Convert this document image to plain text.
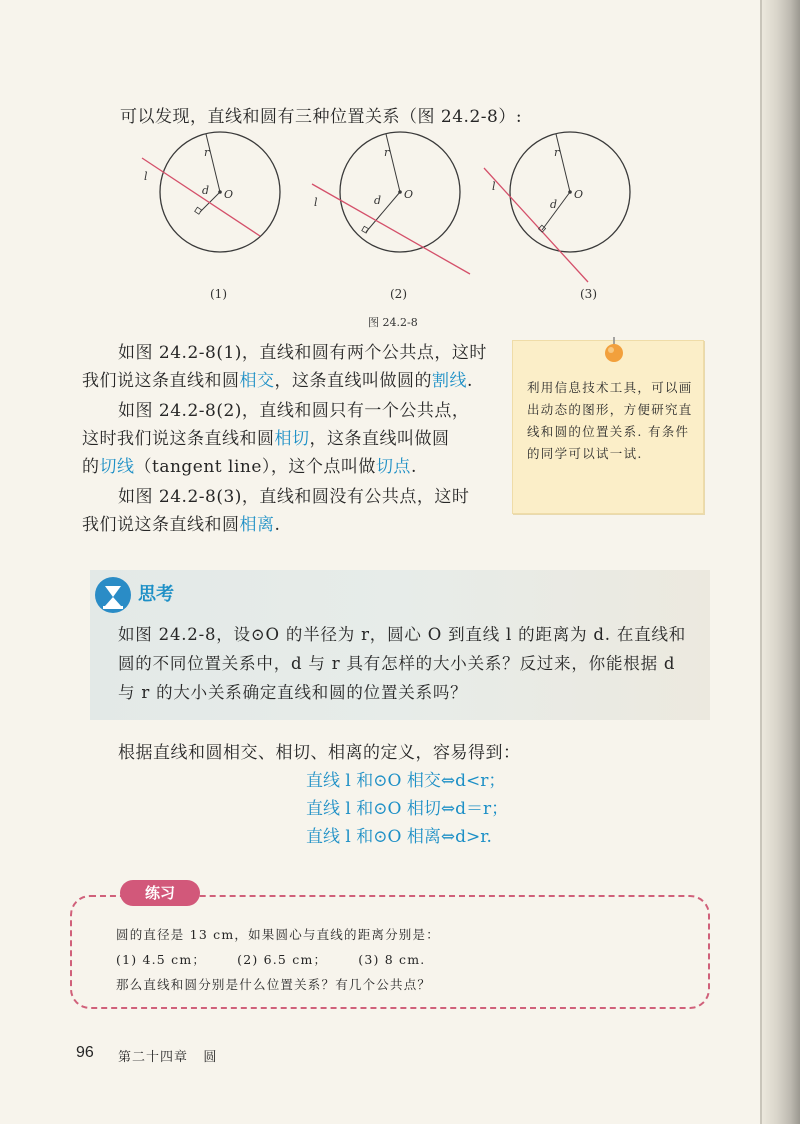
可以发现，直线和圆有三种位置关系（图 24.2-8）:
r
d O
l
r
d O
l
r
d
O
l
(1)	(2)	(3)
图 24.2-8
如图 24.2-8(1)，直线和圆有两个公共点，这时
我们说这条直线和圆相交，这条直线叫做圆的割线.
如图 24.2-8(2)，直线和圆只有一个公共点，
这时我们说这条直线和圆相切，这条直线叫做圆
的切线（tangent line），这个点叫做切点.
如图 24.2-8(3)，直线和圆没有公共点，这时
我们说这条直线和圆相离.
利用信息技术工具，可以画出动态的图形，方便研究直线和圆的位置关系. 有条件的同学可以试一试.
思考
如图 24.2-8，设⊙O 的半径为 r，圆心 O 到直线 l 的距离为 d. 在直线和圆的不同位置关系中，d 与 r 具有怎样的大小关系？反过来，你能根据 d 与 r 的大小关系确定直线和圆的位置关系吗？
根据直线和圆相交、相切、相离的定义，容易得到：
直线 l 和⊙O 相交⇔d<r；
直线 l 和⊙O 相切⇔d＝r；
直线 l 和⊙O 相离⇔d>r.
练习
圆的直径是 13 cm，如果圆心与直线的距离分别是：
(1) 4.5 cm；      (2) 6.5 cm；      (3) 8 cm.
那么直线和圆分别是什么位置关系？有几个公共点？
96 第二十四章   圆
